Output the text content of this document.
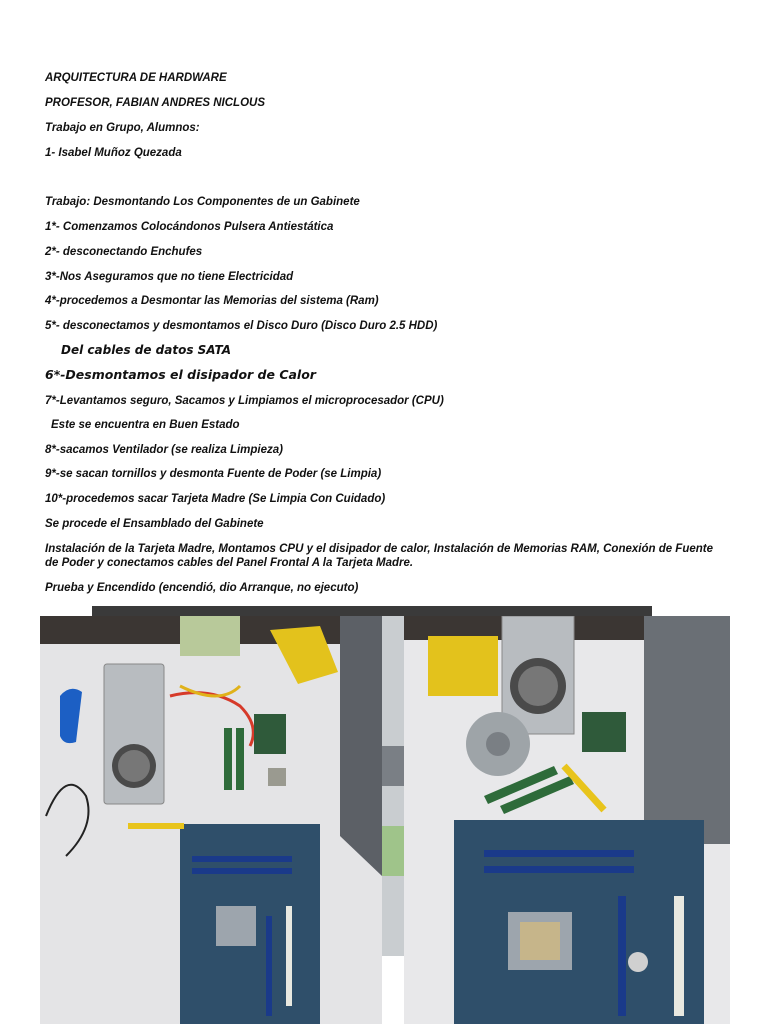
ARQUITECTURA DE HARDWARE
PROFESOR, FABIAN ANDRES NICLOUS
Trabajo en Grupo, Alumnos:
1- Isabel Muñoz Quezada
Trabajo: Desmontando Los Componentes de un Gabinete
1*- Comenzamos Colocándonos Pulsera Antiestática
2*- desconectando Enchufes
3*-Nos Aseguramos que no tiene Electricidad
4*-procedemos a Desmontar las Memorias del sistema (Ram)
5*- desconectamos y desmontamos el Disco Duro (Disco Duro 2.5 HDD)
Del cables de datos SATA
6*-Desmontamos el disipador de Calor
7*-Levantamos seguro, Sacamos y Limpiamos el microprocesador (CPU)
Este se encuentra en Buen Estado
8*-sacamos Ventilador (se realiza Limpieza)
9*-se sacan tornillos y desmonta Fuente de Poder (se Limpia)
10*-procedemos sacar Tarjeta Madre (Se Limpia Con Cuidado)
Se procede el Ensamblado del Gabinete
Instalación de la Tarjeta Madre, Montamos CPU y el disipador de calor, Instalación de Memorias RAM, Conexión de Fuente de Poder y conectamos cables del Panel Frontal A la Tarjeta Madre.
Prueba y Encendido (encendió, dio Arranque, no ejecuto)
